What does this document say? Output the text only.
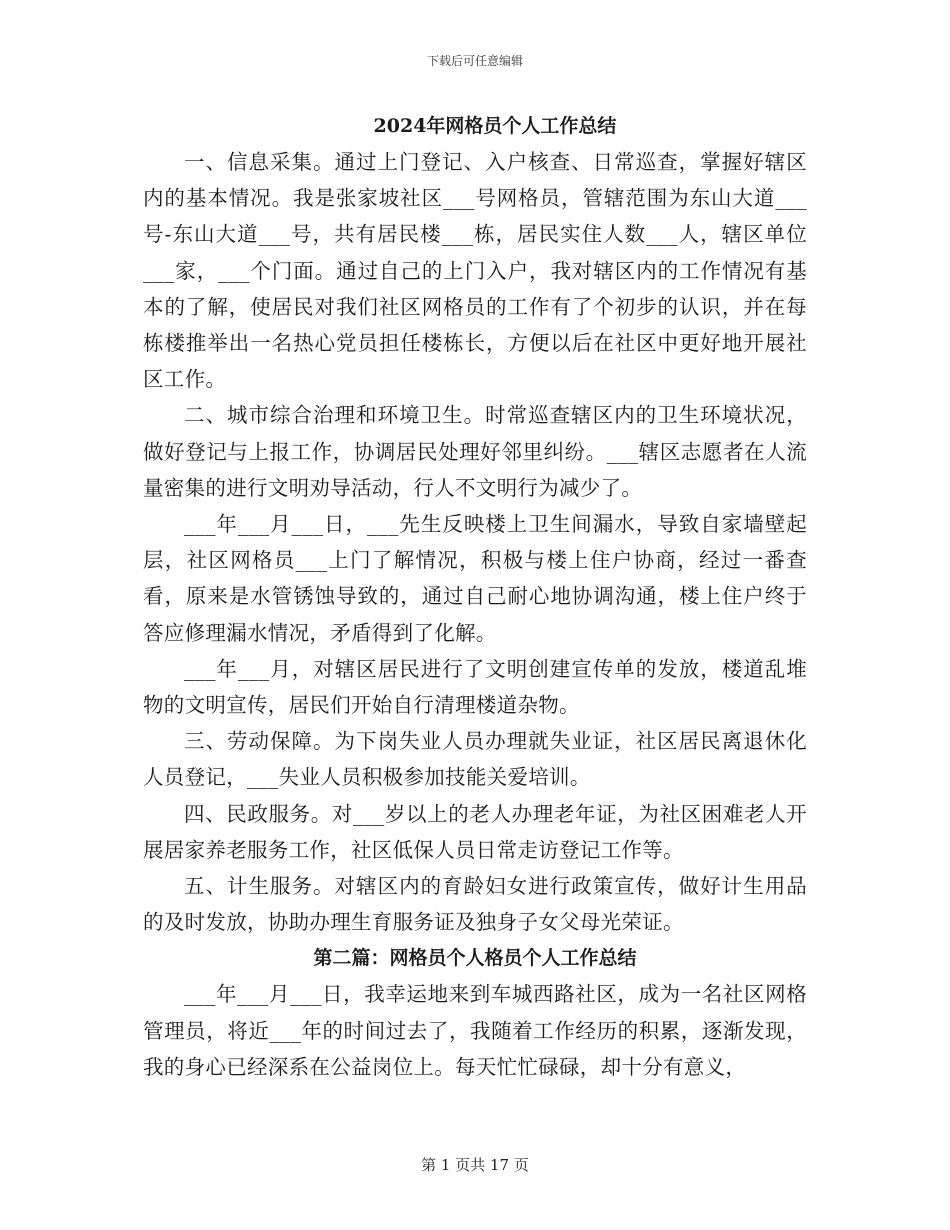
下载后可任意编辑
2024年网格员个人工作总结

一、信息采集。通过上门登记、入户核查、日常巡查，掌握好辖区内的基本情况。我是张家坡社区___号网格员，管辖范围为东山大道___号-东山大道___号，共有居民楼___栋，居民实住人数___人，辖区单位___家，___个门面。通过自己的上门入户，我对辖区内的工作情况有基本的了解，使居民对我们社区网格员的工作有了个初步的认识，并在每栋楼推举出一名热心党员担任楼栋长，方便以后在社区中更好地开展社区工作。

二、城市综合治理和环境卫生。时常巡查辖区内的卫生环境状况，做好登记与上报工作，协调居民处理好邻里纠纷。___辖区志愿者在人流量密集的进行文明劝导活动，行人不文明行为减少了。

___年___月___日，___先生反映楼上卫生间漏水，导致自家墙壁起层，社区网格员___上门了解情况，积极与楼上住户协商，经过一番查看，原来是水管锈蚀导致的，通过自己耐心地协调沟通，楼上住户终于答应修理漏水情况，矛盾得到了化解。

___年___月，对辖区居民进行了文明创建宣传单的发放，楼道乱堆物的文明宣传，居民们开始自行清理楼道杂物。

三、劳动保障。为下岗失业人员办理就失业证，社区居民离退休化人员登记，___失业人员积极参加技能关爱培训。

四、民政服务。对___岁以上的老人办理老年证，为社区困难老人开展居家养老服务工作，社区低保人员日常走访登记工作等。

五、计生服务。对辖区内的育龄妇女进行政策宣传，做好计生用品的及时发放，协助办理生育服务证及独身子女父母光荣证。

第二篇：网格员个人格员个人工作总结

___年___月___日，我幸运地来到车城西路社区，成为一名社区网格管理员，将近___年的时间过去了，我随着工作经历的积累，逐渐发现，我的身心已经深系在公益岗位上。每天忙忙碌碌，却十分有意义，

第 1 页共 17 页
